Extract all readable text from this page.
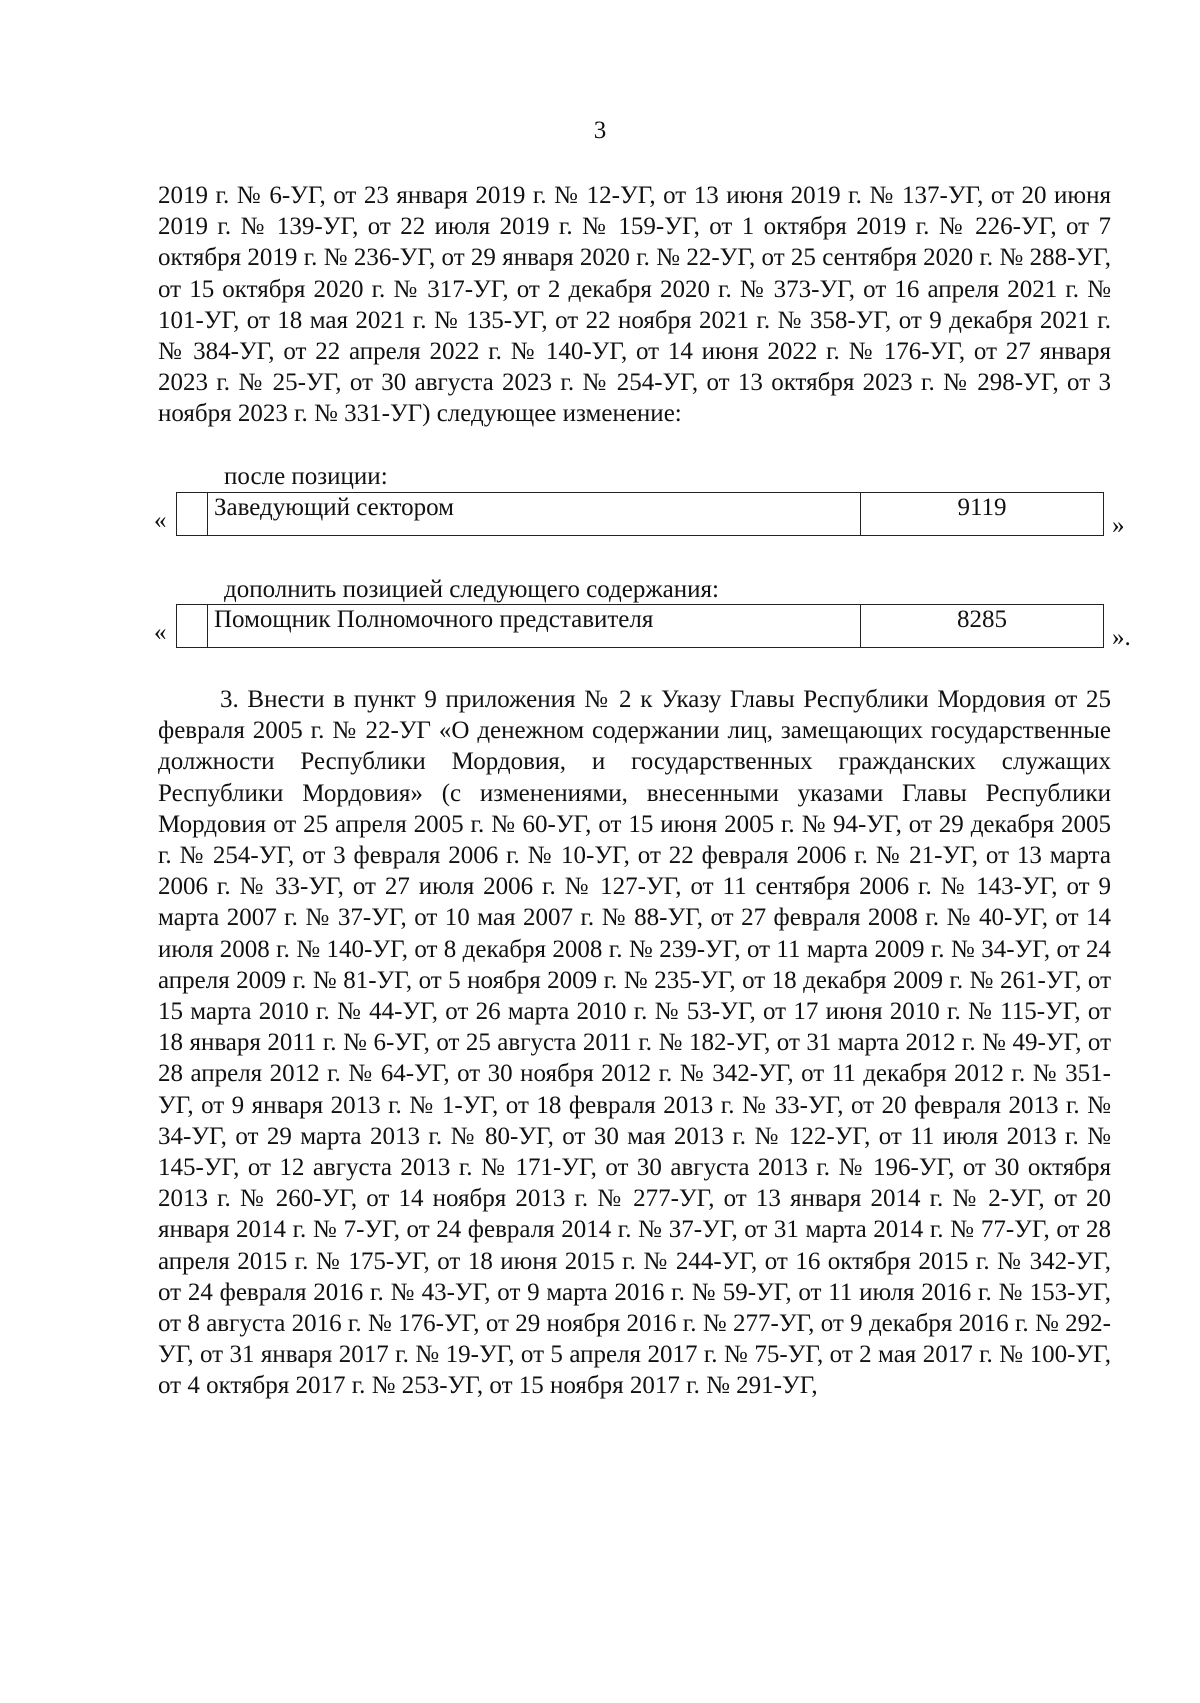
3

2019 г. № 6-УГ, от 23 января 2019 г. № 12-УГ, от 13 июня 2019 г. № 137-УГ, от 20 июня 2019 г. № 139-УГ, от 22 июля 2019 г. № 159-УГ, от 1 октября 2019 г. № 226-УГ, от 7 октября 2019 г. № 236-УГ, от 29 января 2020 г. № 22-УГ, от 25 сентября 2020 г. № 288-УГ, от 15 октября 2020 г. № 317-УГ, от 2 декабря 2020 г. № 373-УГ, от 16 апреля 2021 г. № 101-УГ, от 18 мая 2021 г. № 135-УГ, от 22 ноября 2021 г. № 358-УГ, от 9 декабря 2021 г. № 384-УГ, от 22 апреля 2022 г. № 140-УГ, от 14 июня 2022 г. № 176-УГ, от 27 января 2023 г. № 25-УГ, от 30 августа 2023 г. № 254-УГ, от 13 октября 2023 г. № 298-УГ, от 3 ноября 2023 г. № 331-УГ) следующее изменение:

после позиции:
«
	Заведующий сектором	9119
»
дополнить позицией следующего содержания:
«
	Помощник Полномочного представителя	8285
».

3. Внести в пункт 9 приложения № 2 к Указу Главы Республики Мордовия от 25 февраля 2005 г. № 22-УГ «О денежном содержании лиц, замещающих государственные должности Республики Мордовия, и государственных гражданских служащих Республики Мордовия» (с изменениями, внесенными указами Главы Республики Мордовия от 25 апреля 2005 г. № 60-УГ, от 15 июня 2005 г. № 94-УГ, от 29 декабря 2005 г. № 254-УГ, от 3 февраля 2006 г. № 10-УГ, от 22 февраля 2006 г. № 21-УГ, от 13 марта 2006 г. № 33-УГ, от 27 июля 2006 г. № 127-УГ, от 11 сентября 2006 г. № 143-УГ, от 9 марта 2007 г. № 37-УГ, от 10 мая 2007 г. № 88-УГ, от 27 февраля 2008 г. № 40-УГ, от 14 июля 2008 г. № 140-УГ, от 8 декабря 2008 г. № 239-УГ, от 11 марта 2009 г. № 34-УГ, от 24 апреля 2009 г. № 81-УГ, от 5 ноября 2009 г. № 235-УГ, от 18 декабря 2009 г. № 261-УГ, от 15 марта 2010 г. № 44-УГ, от 26 марта 2010 г. № 53-УГ, от 17 июня 2010 г. № 115-УГ, от 18 января 2011 г. № 6-УГ, от 25 августа 2011 г. № 182-УГ, от 31 марта 2012 г. № 49-УГ, от 28 апреля 2012 г. № 64-УГ, от 30 ноября 2012 г. № 342-УГ, от 11 декабря 2012 г. № 351-УГ, от 9 января 2013 г. № 1-УГ, от 18 февраля 2013 г. № 33-УГ, от 20 февраля 2013 г. № 34-УГ, от 29 марта 2013 г. № 80-УГ, от 30 мая 2013 г. № 122-УГ, от 11 июля 2013 г. № 145-УГ, от 12 августа 2013 г. № 171-УГ, от 30 августа 2013 г. № 196-УГ, от 30 октября 2013 г. № 260-УГ, от 14 ноября 2013 г. № 277-УГ, от 13 января 2014 г. № 2-УГ, от 20 января 2014 г. № 7-УГ, от 24 февраля 2014 г. № 37-УГ, от 31 марта 2014 г. № 77-УГ, от 28 апреля 2015 г. № 175-УГ, от 18 июня 2015 г. № 244-УГ, от 16 октября 2015 г. № 342-УГ, от 24 февраля 2016 г. № 43-УГ, от 9 марта 2016 г. № 59-УГ, от 11 июля 2016 г. № 153-УГ, от 8 августа 2016 г. № 176-УГ, от 29 ноября 2016 г. № 277-УГ, от 9 декабря 2016 г. № 292-УГ, от 31 января 2017 г. № 19-УГ, от 5 апреля 2017 г. № 75-УГ, от 2 мая 2017 г. № 100-УГ, от 4 октября 2017 г. № 253-УГ, от 15 ноября 2017 г. № 291-УГ,
